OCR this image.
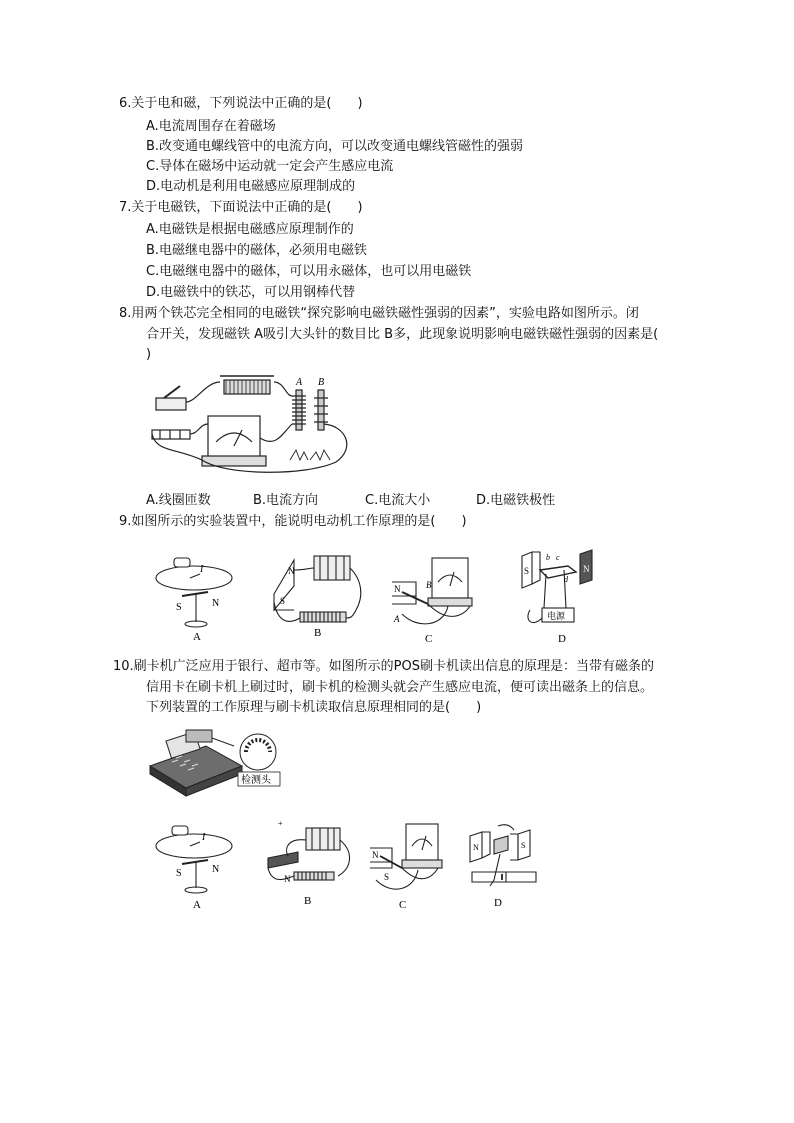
6.关于电和磁，下列说法中正确的是(　　)
A.电流周围存在着磁场
B.改变通电螺线管中的电流方向，可以改变通电螺线管磁性的强弱
C.导体在磁场中运动就一定会产生感应电流
D.电动机是利用电磁感应原理制成的
7.关于电磁铁，下面说法中正确的是(　　)
A.电磁铁是根据电磁感应原理制作的
B.电磁继电器中的磁体，必须用电磁铁
C.电磁继电器中的磁体，可以用永磁体，也可以用电磁铁
D.电磁铁中的铁芯，可以用钢棒代替
8.用两个铁芯完全相同的电磁铁“探究影响电磁铁磁性强弱的因素”，实验电路如图所示。闭
合开关，发现磁铁 A吸引大头针的数目比 B多，此现象说明影响电磁铁磁性强弱的因素是(
)
A B
A.线圈匝数	B.电流方向	C.电流大小	D.电磁铁极性
9.如图所示的实验装置中，能说明电动机工作原理的是(　　)
I
S	N
A
N
S
B
N	B
A
C
S	N
b c
d
电源
D
10.刷卡机广泛应用于银行、超市等。如图所示的POS刷卡机读出信息的原理是：当带有磁条的
信用卡在刷卡机上刷过时，刷卡机的检测头就会产生感应电流，便可读出磁条上的信息。
下列装置的工作原理与刷卡机读取信息原理相同的是(　　)
检测头
I
S	N
A
N
+
B
N
S
C
N	S
D
